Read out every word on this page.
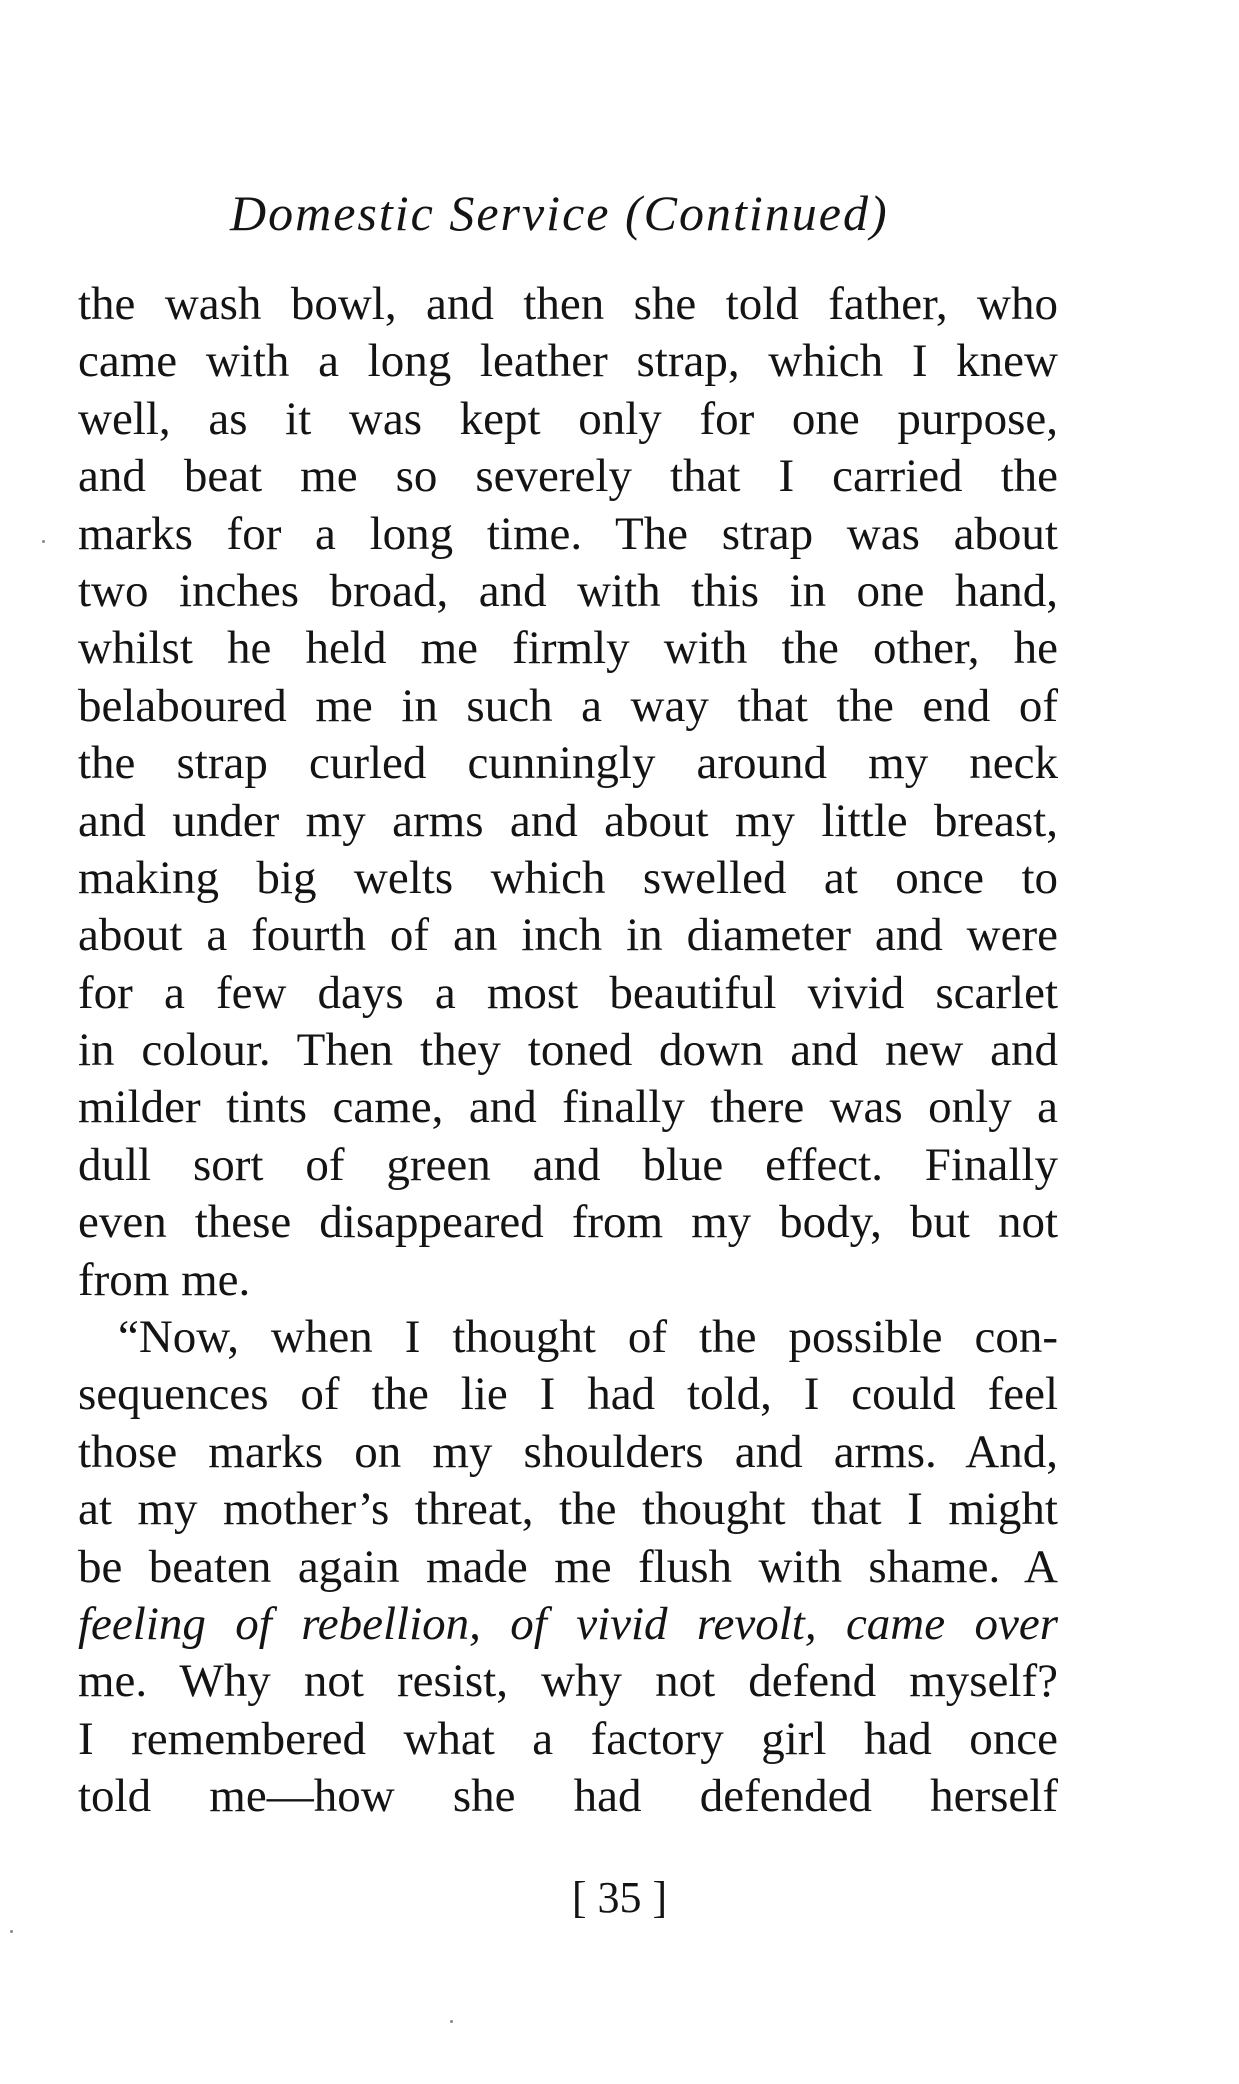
Domestic Service (Continued)
the wash bowl, and then she told father, who
came with a long leather strap, which I knew
well, as it was kept only for one purpose,
and beat me so severely that I carried the
marks for a long time. The strap was about
two inches broad, and with this in one hand,
whilst he held me firmly with the other, he
belaboured me in such a way that the end of
the strap curled cunningly around my neck
and under my arms and about my little breast,
making big welts which swelled at once to
about a fourth of an inch in diameter and were
for a few days a most beautiful vivid scarlet
in colour. Then they toned down and new and
milder tints came, and finally there was only a
dull sort of green and blue effect. Finally
even these disappeared from my body, but not
from me.
“Now, when I thought of the possible con-
sequences of the lie I had told, I could feel
those marks on my shoulders and arms. And,
at my mother’s threat, the thought that I might
be beaten again made me flush with shame. A
feeling of rebellion, of vivid revolt, came over
me. Why not resist, why not defend myself?
I remembered what a factory girl had once
told me—how she had defended herself
[ 35 ]
